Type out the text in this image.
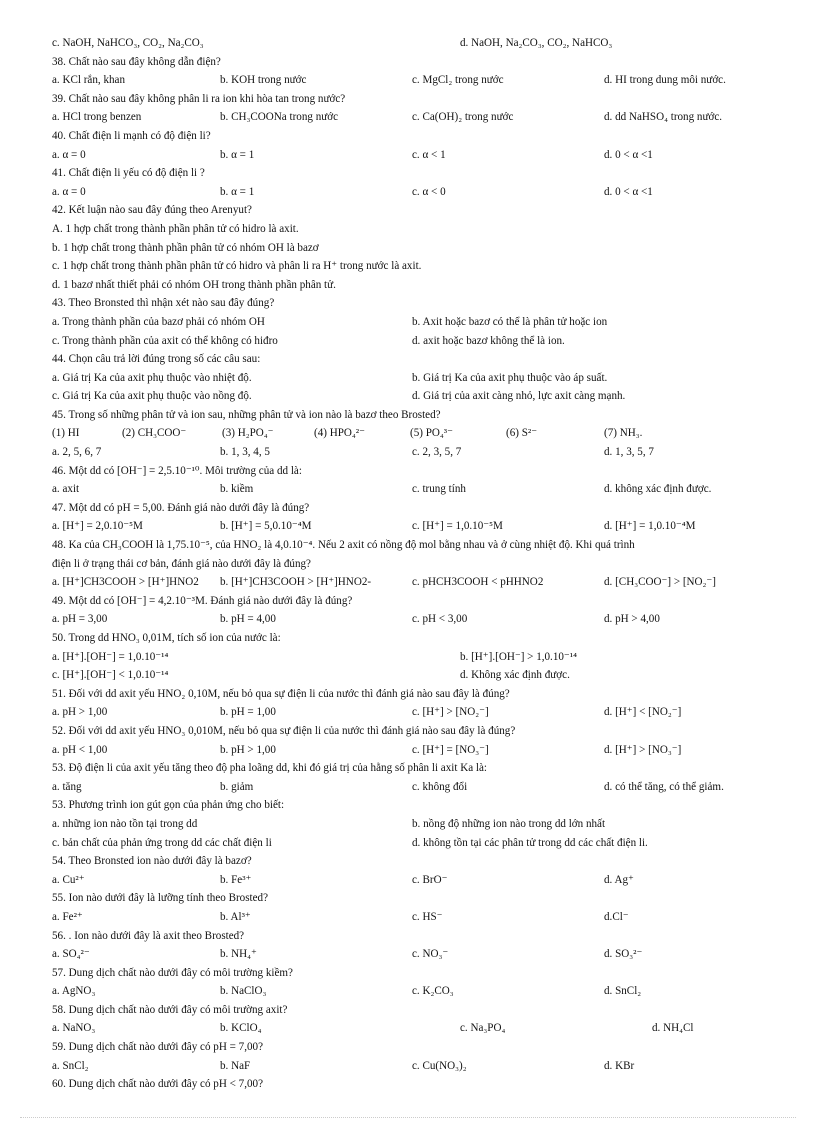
c. NaOH, NaHCO₃, CO₂, Na₂CO₃	d. NaOH, Na₂CO₃, CO₂, NaHCO₃
38. Chất nào sau đây không dẫn điện?
a. KCl rắn, khan	b. KOH trong nước	c. MgCl₂ trong nước	d. HI trong dung môi nước.
39. Chất nào sau đây không phân li ra ion khi hòa tan trong nước?
a. HCl trong benzen	b. CH₃COONa trong nước	c. Ca(OH)₂ trong nước	d. dd NaHSO₄ trong nước.
40. Chất điện li mạnh có độ điện li?
a. α = 0	b. α = 1	c. α < 1	d. 0 < α <1
41. Chất điện li yếu có độ điện li ?
a. α = 0	b. α = 1	c. α < 0	d. 0 < α <1
42. Kết luận nào sau đây đúng theo Arenyut?
A. 1 hợp chất trong thành phần phân tử có hidro là axit.
b. 1 hợp chất trong thành phần phân tử có nhóm OH là bazơ
c. 1 hợp chất trong thành phần phân tử có hidro và phân li ra H⁺ trong nước là axit.
d. 1 bazơ nhất thiết phải có nhóm OH trong thành phần phân tử.
43. Theo Bronsted thì nhận xét nào sau đây đúng?
a. Trong thành phần của bazơ phải có nhóm OH	b. Axit hoặc bazơ có thể là phân tử hoặc ion
c. Trong thành phần của axit có thể không có hiđro	d. axit hoặc bazơ không thể là ion.
44. Chọn câu trả lời đúng trong số các câu sau:
a. Giá trị Ka của axit phụ thuộc vào nhiệt độ.	b. Giá trị Ka của axit phụ thuộc vào áp suất.
c. Giá trị Ka của axit phụ thuộc vào nồng độ.	d. Giá trị của axit càng nhỏ, lực axit càng mạnh.
45. Trong số những phân tử và ion sau, những phân tử và ion nào là bazơ theo Brosted?
(1) HI	(2) CH₃COO⁻	(3) H₂PO₄⁻	(4) HPO₄²⁻	(5) PO₄³⁻	(6) S²⁻	(7) NH₃.
a. 2, 5, 6, 7	b. 1, 3, 4, 5	c. 2, 3, 5, 7	d. 1, 3, 5, 7
46. Một dd có [OH⁻] = 2,5.10⁻¹⁰. Môi trường của dd là:
a. axit	b. kiềm	c. trung tính	d. không xác định được.
47. Một dd có pH = 5,00. Đánh giá nào dưới đây là đúng?
a. [H⁺] = 2,0.10⁻⁵M	b. [H⁺] = 5,0.10⁻⁴M	c. [H⁺] = 1,0.10⁻⁵M	d. [H⁺] = 1,0.10⁻⁴M
48. Ka của CH₃COOH là 1,75.10⁻⁵, của HNO₂ là 4,0.10⁻⁴. Nếu 2 axit có nồng độ mol bằng nhau và ở cùng nhiệt độ. Khi quá trình
điện li ở trạng thái cơ bản, đánh giá nào dưới đây là đúng?
a. [H⁺]CH3COOH > [H⁺]HNO2 b. [H⁺]CH3COOH > [H⁺]HNO2-	c. pHCH3COOH < pHHNO2	d. [CH₃COO⁻] > [NO₂⁻]
49. Một dd có [OH⁻] = 4,2.10⁻³M. Đánh giá nào dưới đây là đúng?
a. pH = 3,00	b. pH = 4,00	c. pH < 3,00	d. pH > 4,00
50. Trong dd HNO₃ 0,01M, tích số ion của nước là:
a. [H⁺].[OH⁻] = 1,0.10⁻¹⁴	b. [H⁺].[OH⁻] > 1,0.10⁻¹⁴
c. [H⁺].[OH⁻] < 1,0.10⁻¹⁴	d. Không xác định được.
51. Đối với dd axit yếu HNO₂ 0,10M, nếu bỏ qua sự điện li của nước thì đánh giá nào sau đây là đúng?
a. pH > 1,00	b. pH = 1,00	c. [H⁺] > [NO₂⁻]	d. [H⁺] < [NO₂⁻]
52. Đối với dd axit yếu HNO₃ 0,010M, nếu bỏ qua sự điện li của nước thì đánh giá nào sau đây là đúng?
a. pH < 1,00	b. pH > 1,00	c. [H⁺] = [NO₃⁻]	d. [H⁺] > [NO₃⁻]
53. Độ điện li của axit yếu tăng theo độ pha loãng dd, khi đó giá trị của hằng số phân li axit Ka là:
a. tăng	b. giảm	c. không đổi	d. có thể tăng, có thể giảm.
53. Phương trình ion gút gọn của phản ứng cho biết:
a. những ion nào tồn tại trong dd	b. nồng độ những ion nào trong dd lớn nhất
c. bản chất của phản ứng trong dd các chất điện li	d. không tồn tại các phân tử trong dd các chất điện li.
54. Theo Bronsted ion nào dưới đây là bazơ?
a. Cu²⁺	b. Fe³⁺	c. BrO⁻	d. Ag⁺
55. Ion nào dưới đây là lưỡng tính theo Brosted?
a. Fe²⁺	b. Al³⁺	c. HS⁻	d.Cl⁻
56. . Ion nào dưới đây là axit theo Brosted?
a. SO₄²⁻	b. NH₄⁺	c. NO₃⁻	d. SO₃²⁻
57. Dung dịch chất nào dưới đây có môi trường kiềm?
a. AgNO₃	b. NaClO₃	c. K₂CO₃	d. SnCl₂
58. Dung dịch chất nào dưới đây có môi trường axit?
a. NaNO₃	b. KClO₄	c. Na₃PO₄	d. NH₄Cl
59. Dung dịch chất nào dưới đây có pH = 7,00?
a. SnCl₂	b. NaF	c. Cu(NO₃)₂	d. KBr
60. Dung dịch chất nào dưới đây có pH < 7,00?
